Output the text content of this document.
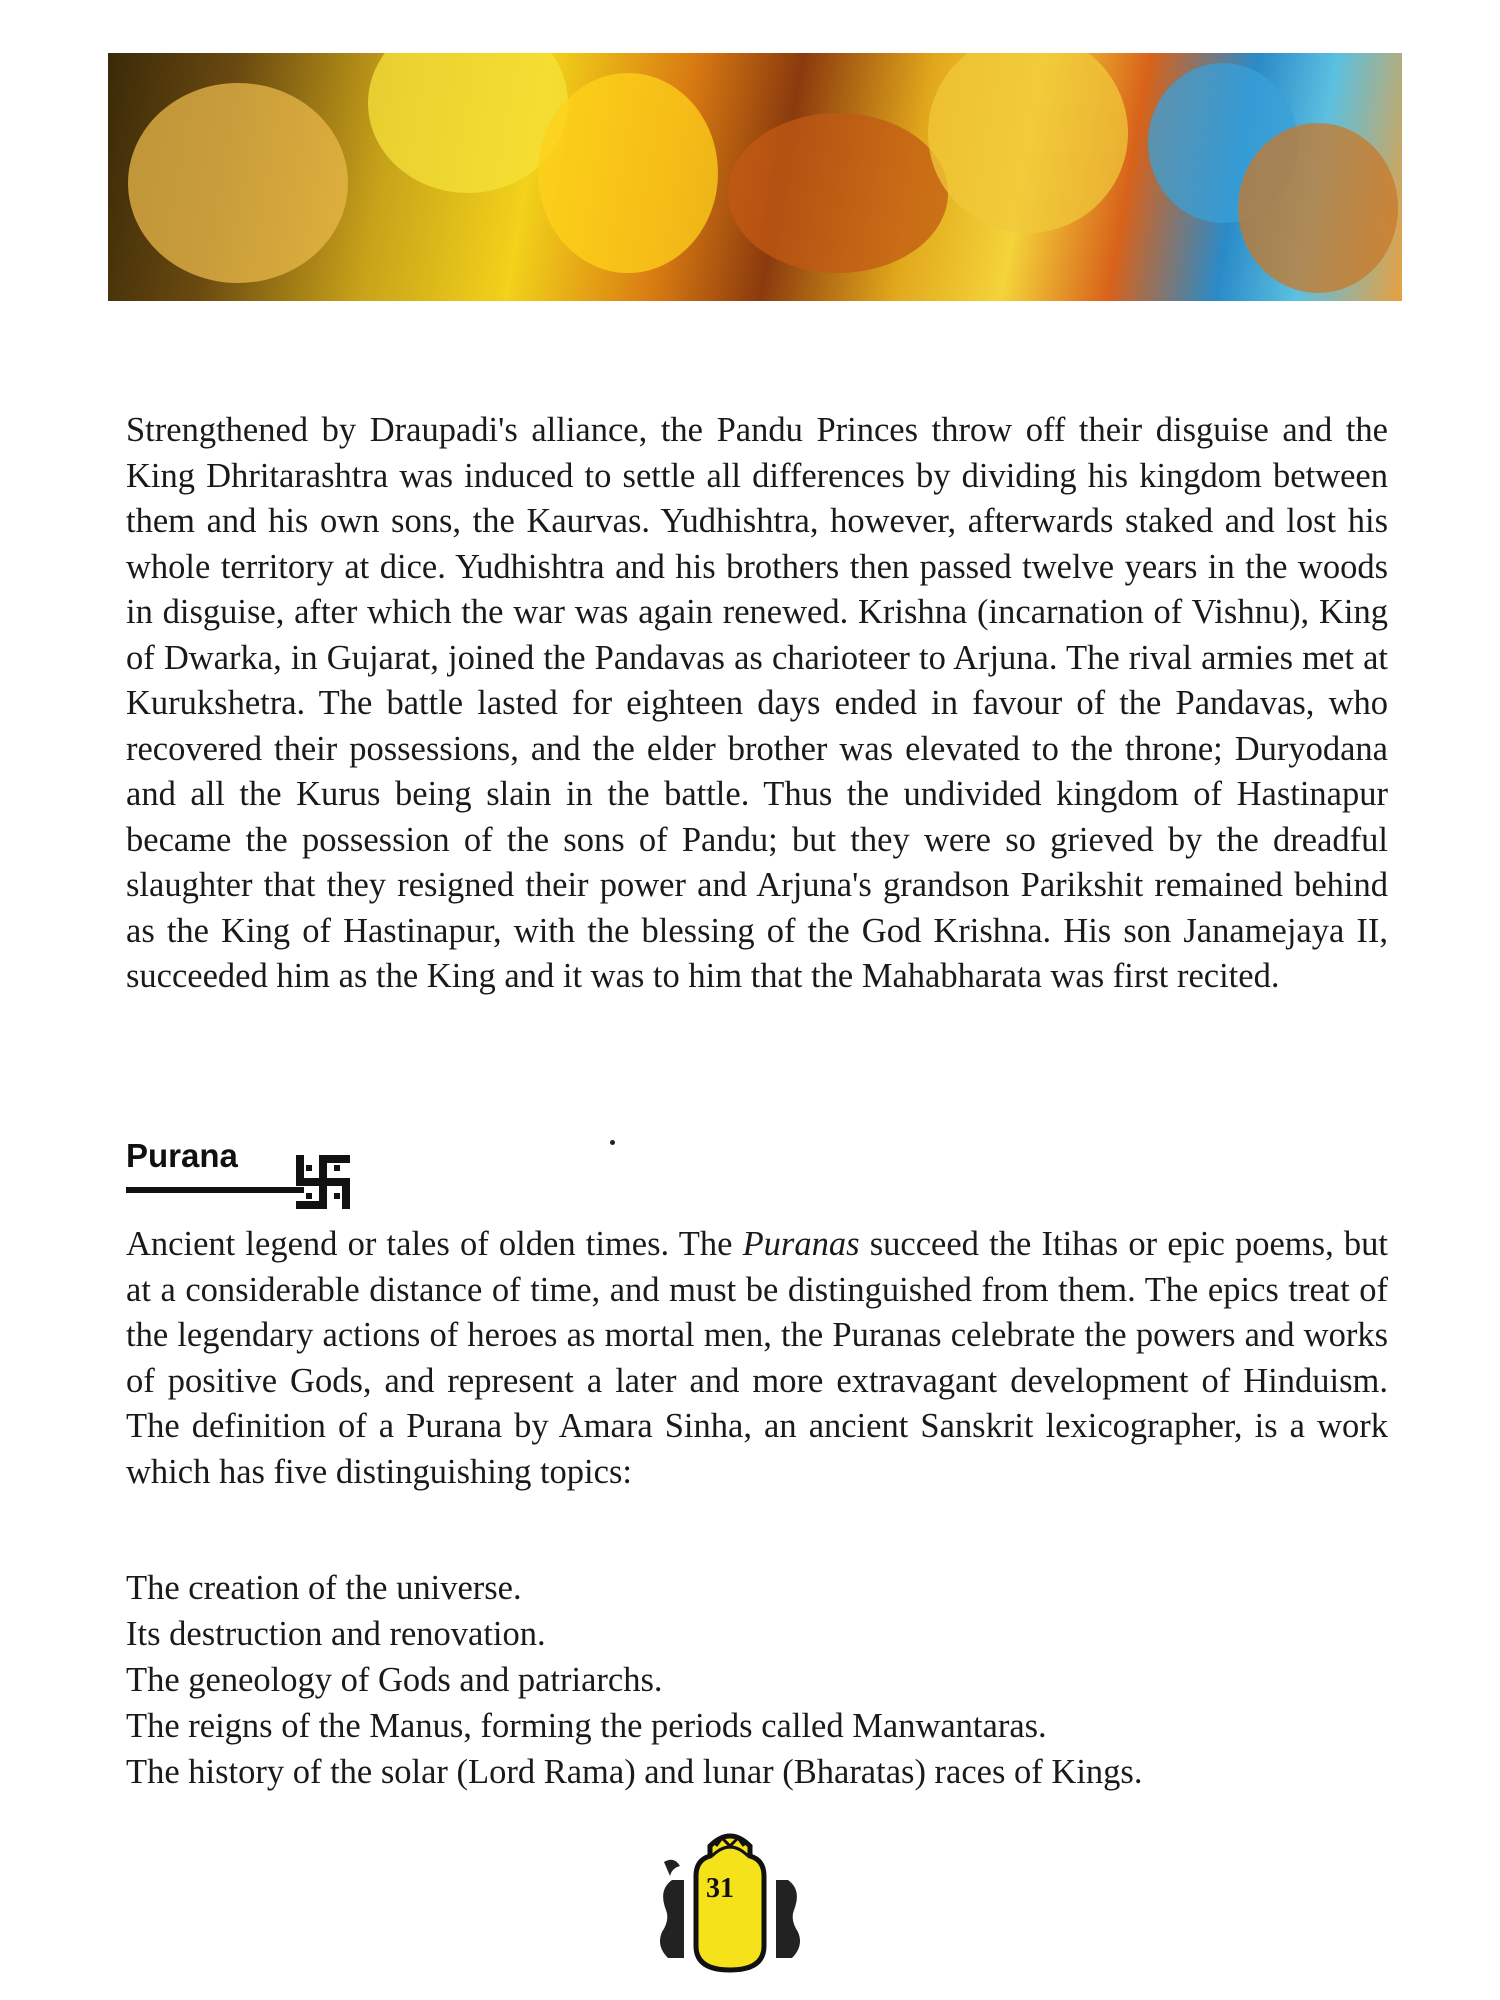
Strengthened by Draupadi's alliance, the Pandu Princes throw off their disguise and the King Dhritarashtra was induced to settle all differences by dividing his kingdom between them and his own sons, the Kaurvas. Yudhishtra, however, afterwards staked and lost his whole territory at dice. Yudhishtra and his brothers then passed twelve years in the woods in disguise, after which the war was again renewed. Krishna (incarnation of Vishnu), King of Dwarka, in Gujarat, joined the Pandavas as charioteer to Arjuna. The rival armies met at Kurukshetra. The battle lasted for eighteen days ended in favour of the Pandavas, who recovered their possessions, and the elder brother was elevated to the throne; Duryodana and all the Kurus being slain in the battle. Thus the undivided kingdom of Hastinapur became the possession of the sons of Pandu; but they were so grieved by the dreadful slaughter that they resigned their power and Arjuna's grandson Parikshit remained behind as the King of Hastinapur, with the blessing of the God Krishna. His son Janamejaya II, succeeded him as the King and it was to him that the Mahabharata was first recited.

Purana

Ancient legend or tales of olden times. The Puranas succeed the Itihas or epic poems, but at a considerable distance of time, and must be distinguished from them. The epics treat of the legendary actions of heroes as mortal men, the Puranas celebrate the powers and works of positive Gods, and represent a later and more extravagant development of Hinduism. The definition of a Purana by Amara Sinha, an ancient Sanskrit lexicographer, is a work which has five distinguishing topics:

The creation of the universe.
Its destruction and renovation.
The geneology of Gods and patriarchs.
The reigns of the Manus, forming the periods called Manwantaras.
The history of the solar (Lord Rama) and lunar (Bharatas) races of Kings.
31
